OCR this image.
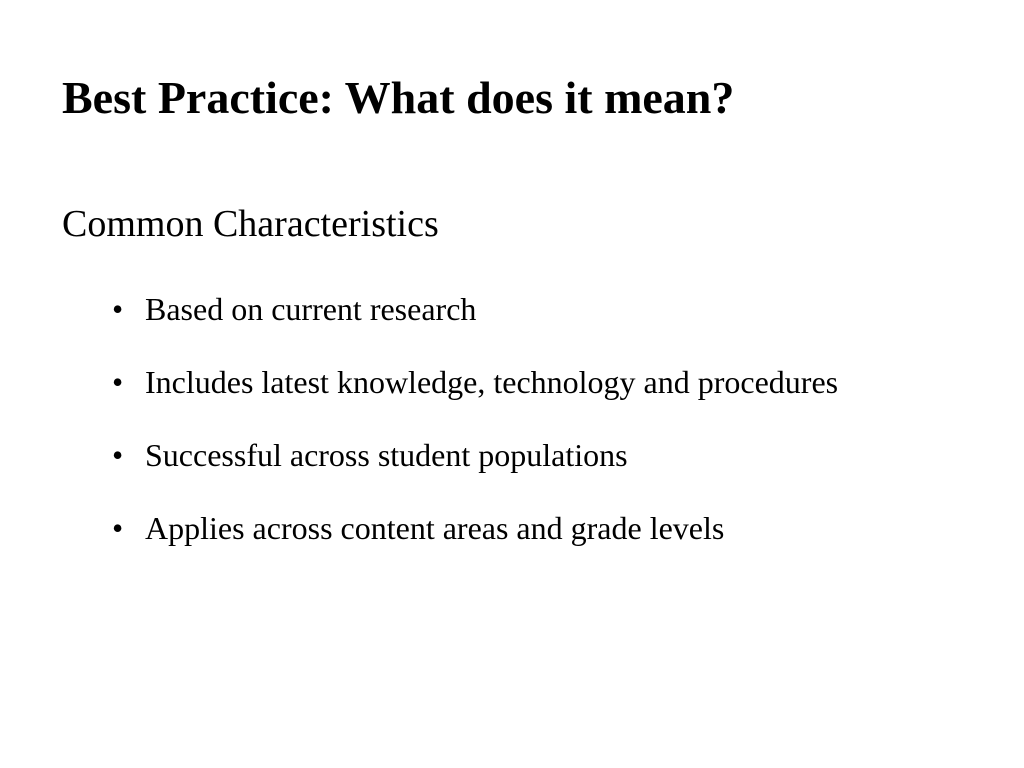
Best Practice: What does it mean?
Common Characteristics
• Based on current research
• Includes latest knowledge, technology and procedures
• Successful across student populations
• Applies across content areas and grade levels
